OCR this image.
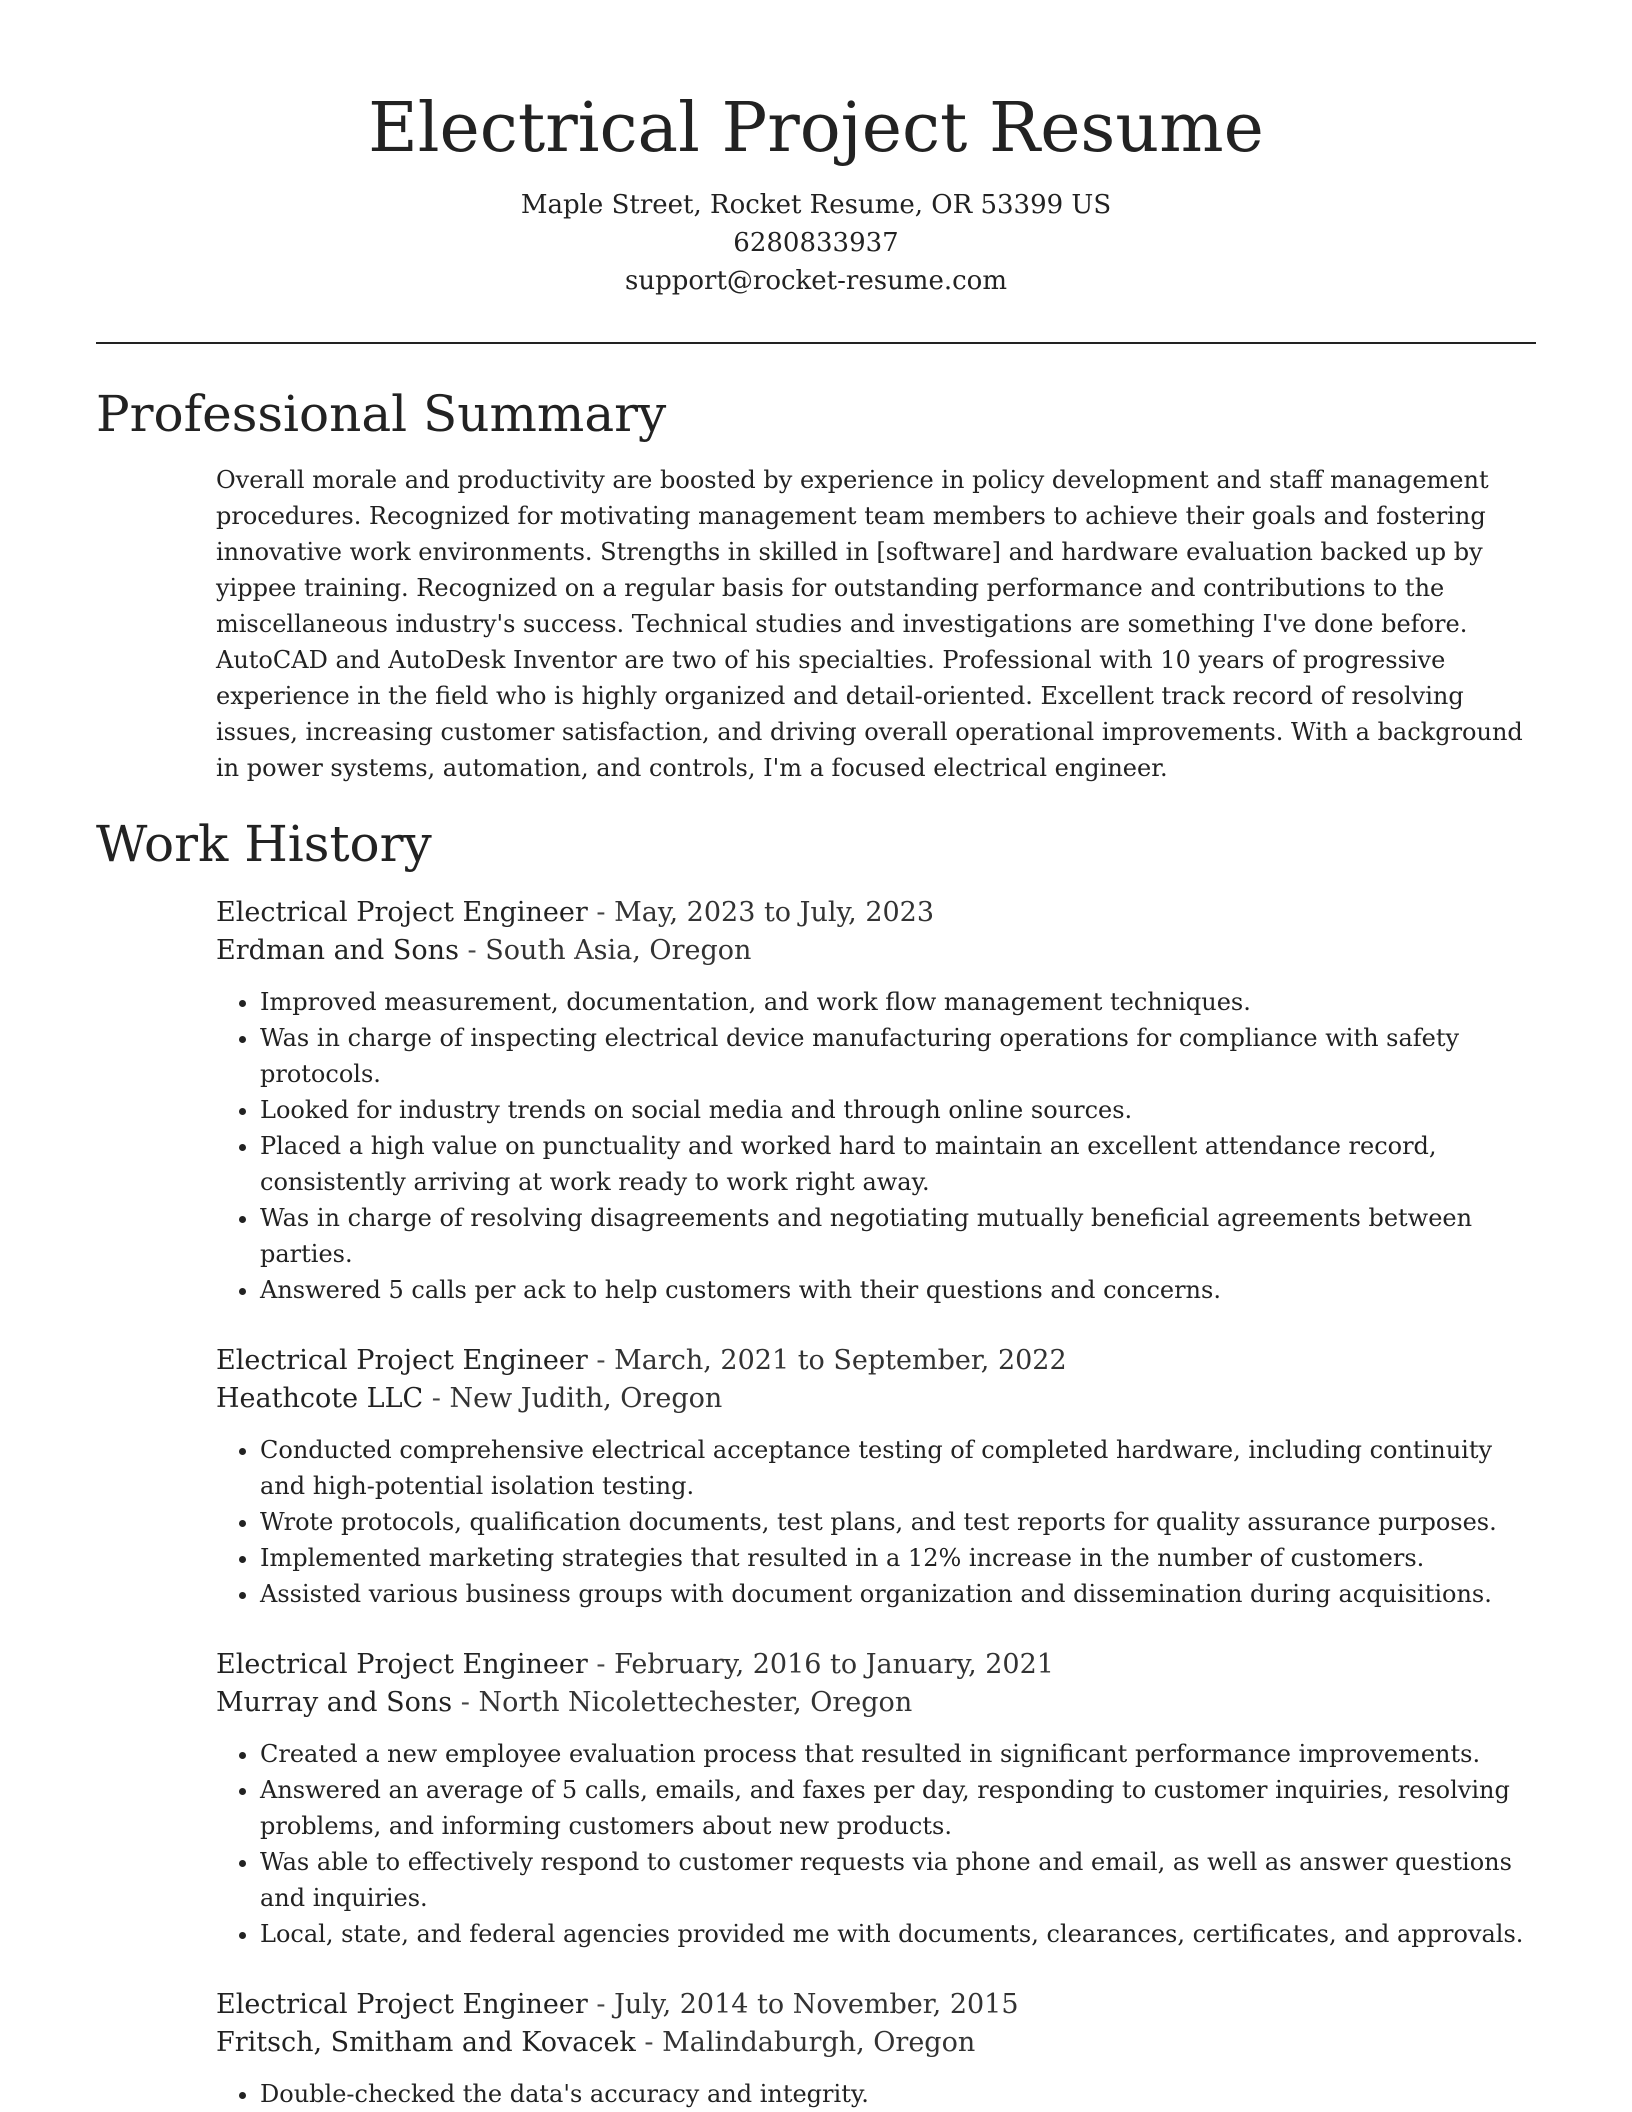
Electrical Project Resume

Maple Street, Rocket Resume, OR 53399 US

6280833937

support@rocket-resume.com

Professional Summary

Overall morale and productivity are boosted by experience in policy development and staff management procedures. Recognized for motivating management team members to achieve their goals and fostering innovative work environments. Strengths in skilled in [software] and hardware evaluation backed up by yippee training. Recognized on a regular basis for outstanding performance and contributions to the miscellaneous industry's success. Technical studies and investigations are something I've done before. AutoCAD and AutoDesk Inventor are two of his specialties. Professional with 10 years of progressive experience in the field who is highly organized and detail-oriented. Excellent track record of resolving issues, increasing customer satisfaction, and driving overall operational improvements. With a background in power systems, automation, and controls, I'm a focused electrical engineer.

Work History

Electrical Project Engineer - May, 2023 to July, 2023

Erdman and Sons - South Asia, Oregon

• Improved measurement, documentation, and work flow management techniques.
• Was in charge of inspecting electrical device manufacturing operations for compliance with safety protocols.
• Looked for industry trends on social media and through online sources.
• Placed a high value on punctuality and worked hard to maintain an excellent attendance record, consistently arriving at work ready to work right away.
• Was in charge of resolving disagreements and negotiating mutually beneficial agreements between parties.
• Answered 5 calls per ack to help customers with their questions and concerns.

Electrical Project Engineer - March, 2021 to September, 2022

Heathcote LLC - New Judith, Oregon

• Conducted comprehensive electrical acceptance testing of completed hardware, including continuity and high-potential isolation testing.
• Wrote protocols, qualification documents, test plans, and test reports for quality assurance purposes.
• Implemented marketing strategies that resulted in a 12% increase in the number of customers.
• Assisted various business groups with document organization and dissemination during acquisitions.

Electrical Project Engineer - February, 2016 to January, 2021

Murray and Sons - North Nicolettechester, Oregon

• Created a new employee evaluation process that resulted in significant performance improvements.
• Answered an average of 5 calls, emails, and faxes per day, responding to customer inquiries, resolving problems, and informing customers about new products.
• Was able to effectively respond to customer requests via phone and email, as well as answer questions and inquiries.
• Local, state, and federal agencies provided me with documents, clearances, certificates, and approvals.

Electrical Project Engineer - July, 2014 to November, 2015

Fritsch, Smitham and Kovacek - Malindaburgh, Oregon

• Double-checked the data's accuracy and integrity.
